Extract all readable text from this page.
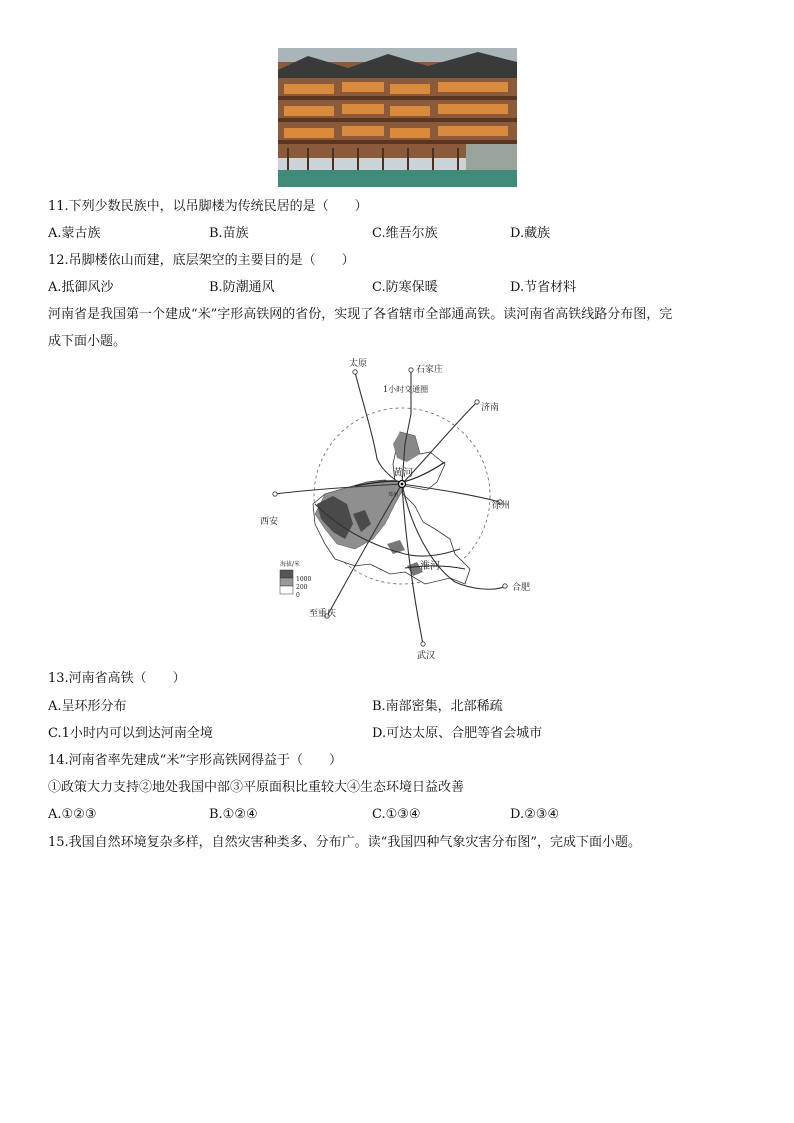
11.下列少数民族中，以吊脚楼为传统民居的是（　　）
A.蒙古族	B.苗族	C.维吾尔族	D.藏族
12.吊脚楼依山而建，底层架空的主要目的是（　　）
A.抵御风沙	B.防潮通风	C.防寒保暖	D.节省材料
河南省是我国第一个建成“米”字形高铁网的省份，实现了各省辖市全部通高铁。读河南省高铁线路分布图，完
成下面小题。
太原
石家庄
济南
徐州
西安
合肥
武汉
至重庆
郑州
1小时交通圈
黄河
淮河
海拔/米
1000
200
0
13.河南省高铁（　　）
A.呈环形分布	B.南部密集，北部稀疏
C.1小时内可以到达河南全境	D.可达太原、合肥等省会城市
14.河南省率先建成“米”字形高铁网得益于（　　）
①政策大力支持②地处我国中部③平原面积比重较大④生态环境日益改善
A.①②③	B.①②④	C.①③④	D.②③④
15.我国自然环境复杂多样，自然灾害种类多、分布广。读“我国四种气象灾害分布图”，完成下面小题。
